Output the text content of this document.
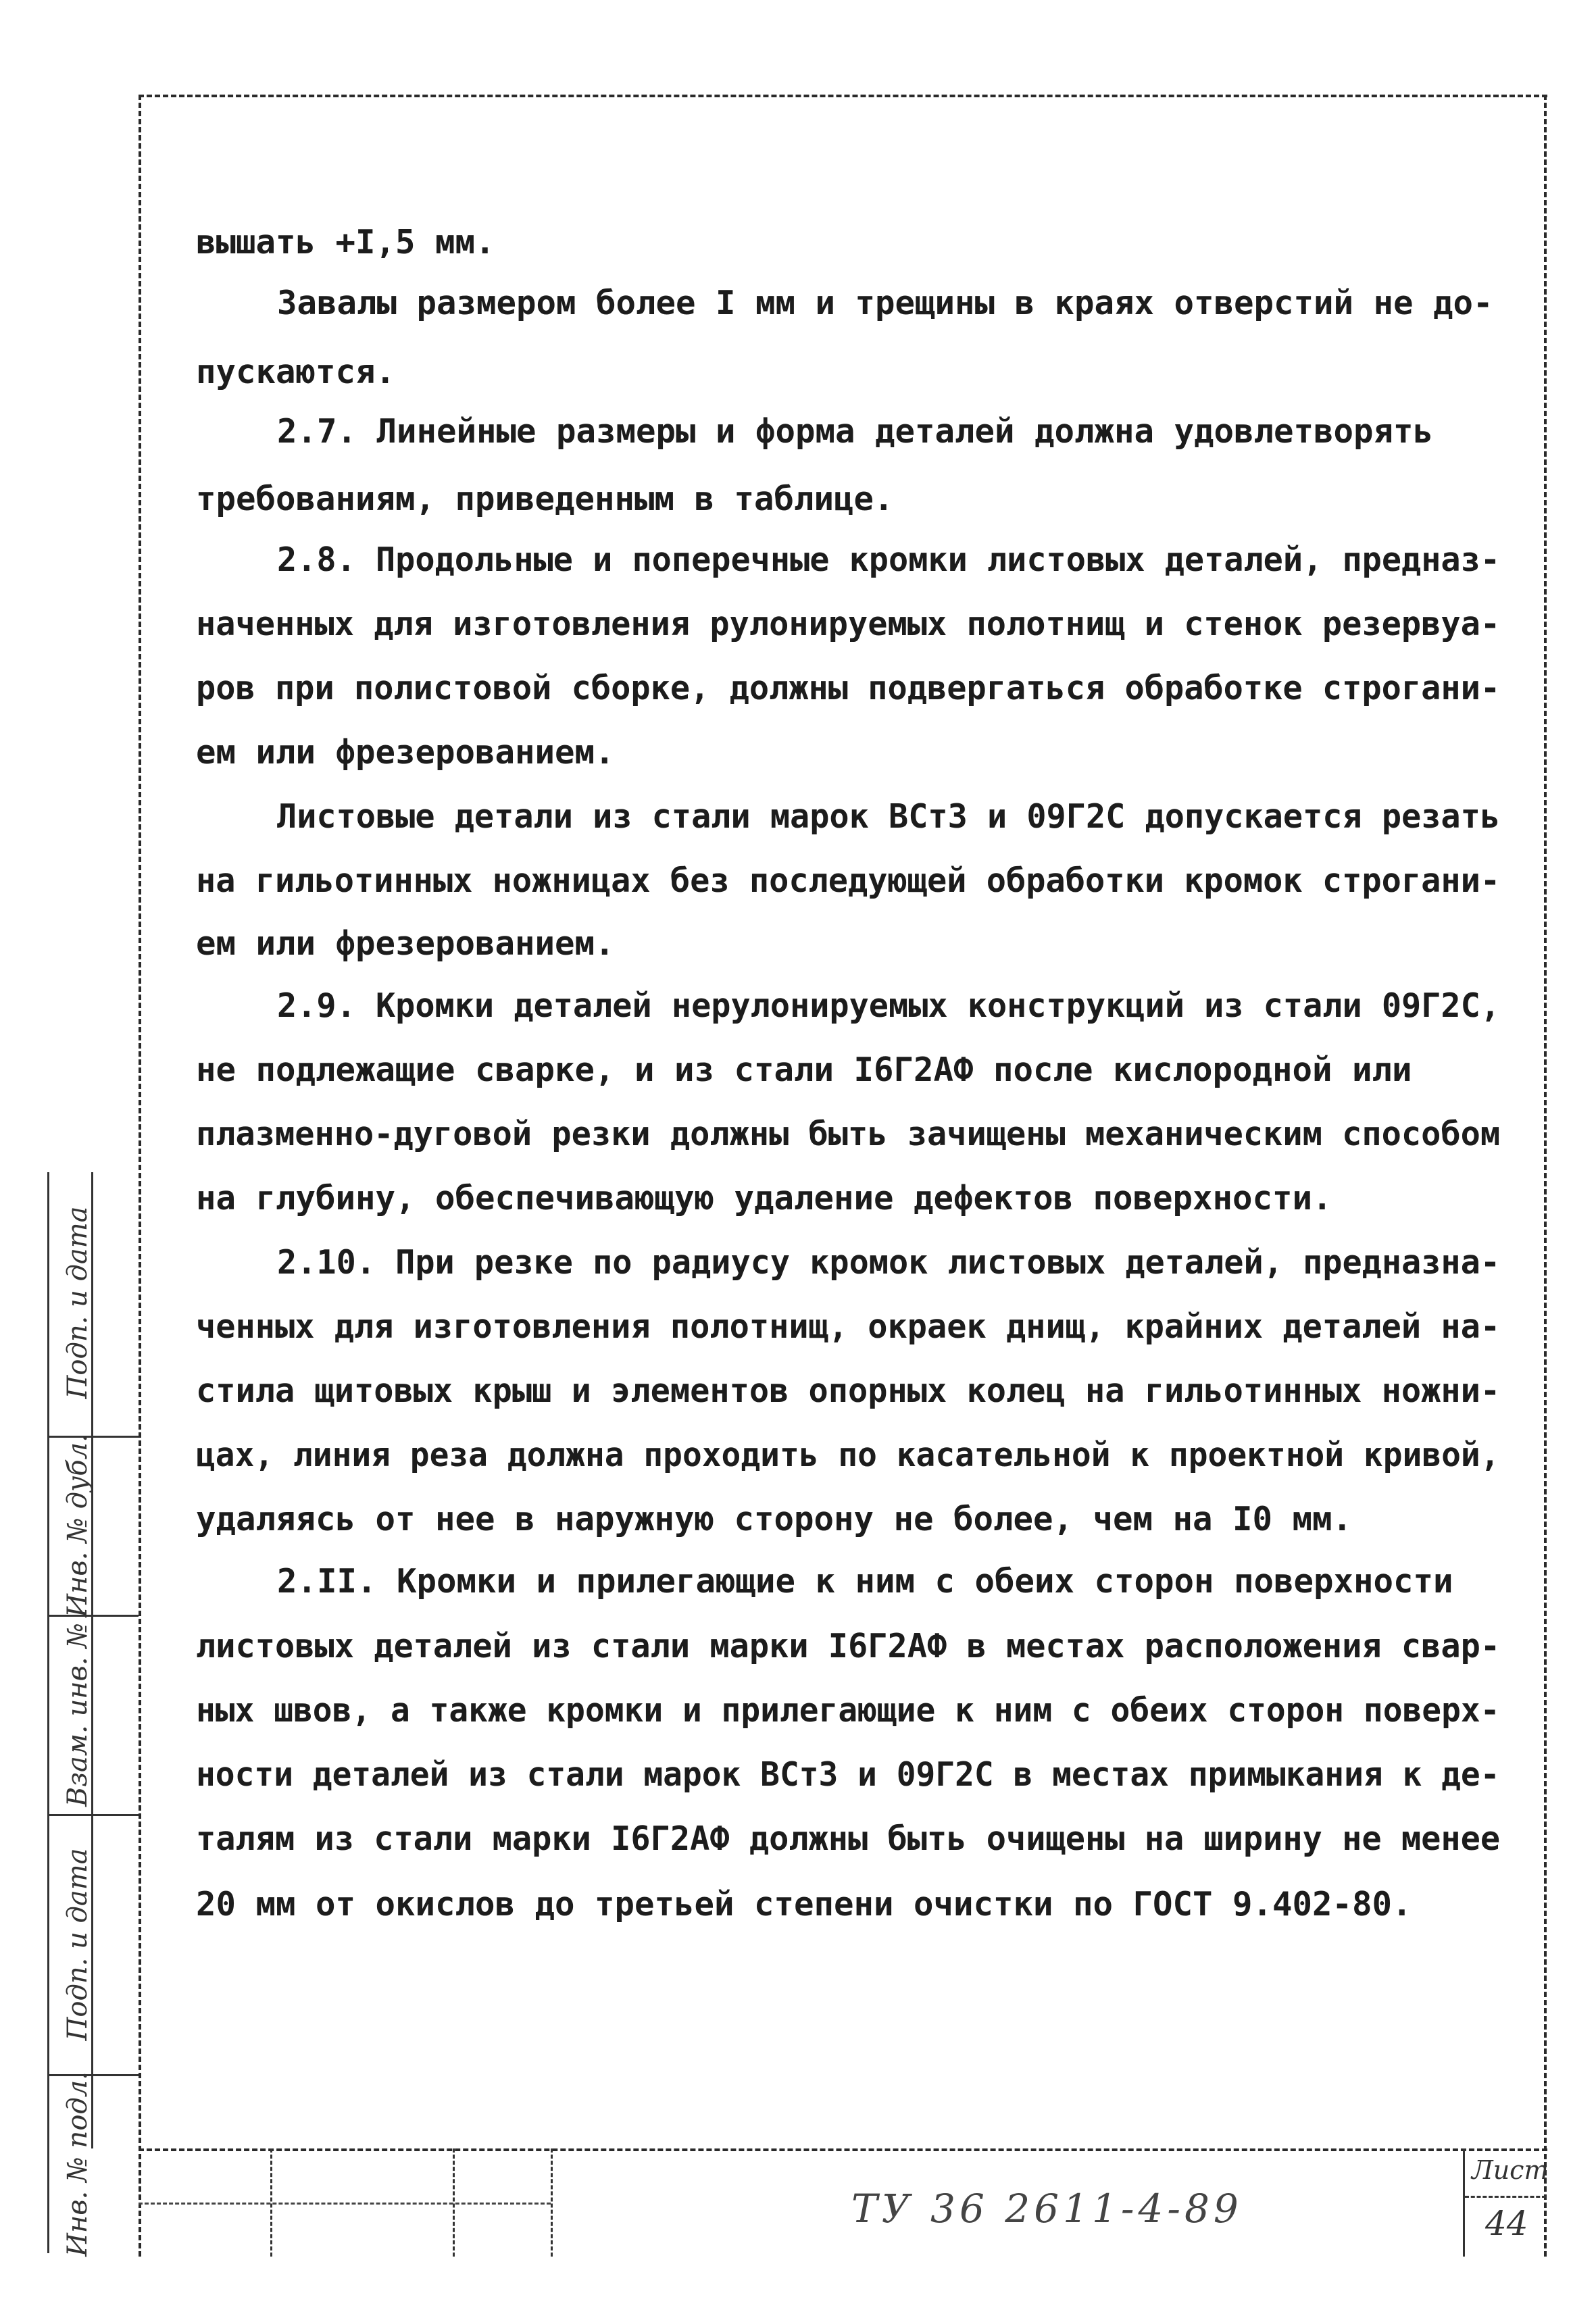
ТУ 36 2611-4-89
Лист
44
Подп. и дата
Инв. № дубл.
Взам. инв. №
Подп. и дата
Инв. № подл.
вышать +I,5 мм.
Завалы размером более I мм и трещины в краях отверстий не до-
пускаются.
2.7. Линейные размеры и форма деталей должна удовлетворять
требованиям, приведенным в таблице.
2.8. Продольные и поперечные кромки листовых деталей, предназ-
наченных для изготовления рулонируемых полотнищ и стенок резервуа-
ров при полистовой сборке, должны подвергаться обработке строгани-
ем или фрезерованием.
Листовые детали из стали марок ВСт3 и 09Г2С допускается резать
на гильотинных ножницах без последующей обработки кромок строгани-
ем или фрезерованием.
2.9. Кромки деталей нерулонируемых конструкций из стали 09Г2С,
не подлежащие сварке, и из стали I6Г2АФ после кислородной или
плазменно-дуговой резки должны быть зачищены механическим способом
на глубину, обеспечивающую удаление дефектов поверхности.
2.10. При резке по радиусу кромок листовых деталей, предназна-
ченных для изготовления полотнищ, окраек днищ, крайних деталей на-
стила щитовых крыш и элементов опорных колец на гильотинных ножни-
цах, линия реза должна проходить по касательной к проектной кривой,
удаляясь от нее в наружную сторону не более, чем на I0 мм.
2.II. Кромки и прилегающие к ним с обеих сторон поверхности
листовых деталей из стали марки I6Г2АФ в местах расположения свар-
ных швов, а также кромки и прилегающие к ним с обеих сторон поверх-
ности деталей из стали марок ВСт3 и 09Г2С в местах примыкания к де-
талям из стали марки I6Г2АФ должны быть очищены на ширину не менее
20 мм от окислов до третьей степени очистки по ГОСТ 9.402-80.
